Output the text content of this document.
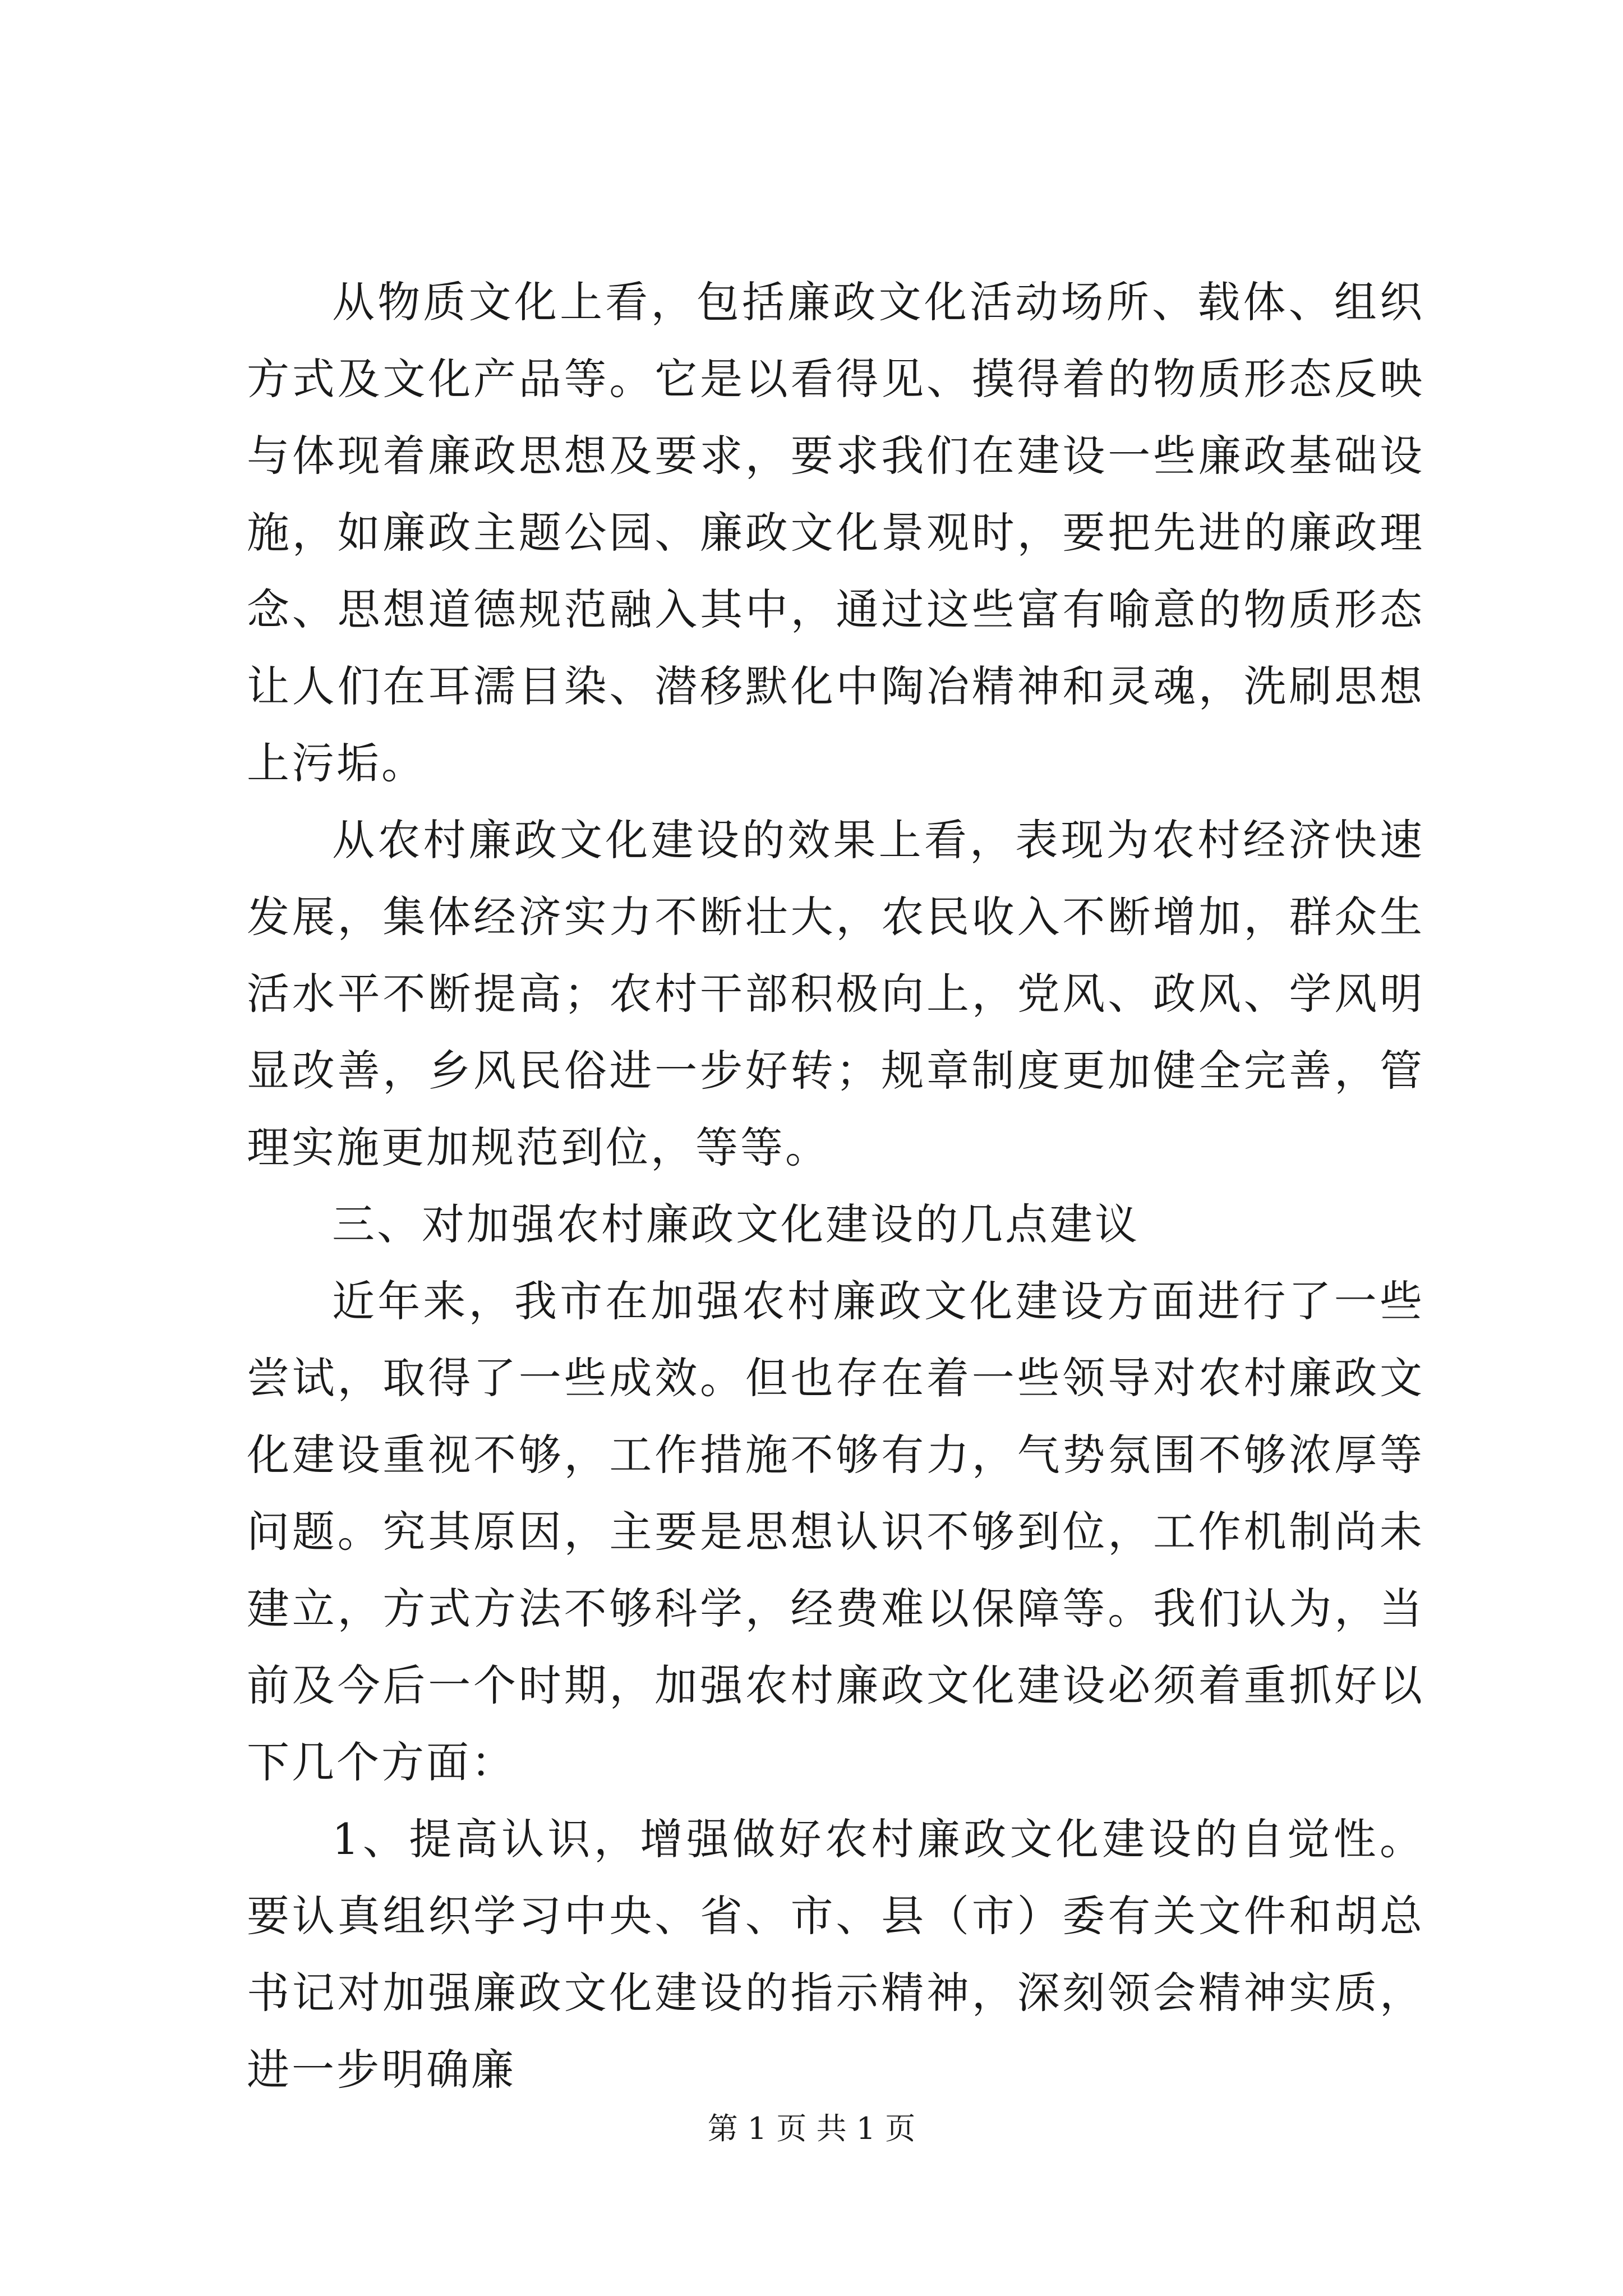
从物质文化上看，包括廉政文化活动场所、载体、组织方式及文化产品等。它是以看得见、摸得着的物质形态反映与体现着廉政思想及要求，要求我们在建设一些廉政基础设施，如廉政主题公园、廉政文化景观时，要把先进的廉政理念、思想道德规范融入其中，通过这些富有喻意的物质形态让人们在耳濡目染、潜移默化中陶冶精神和灵魂，洗刷思想上污垢。

从农村廉政文化建设的效果上看，表现为农村经济快速发展，集体经济实力不断壮大，农民收入不断增加，群众生活水平不断提高；农村干部积极向上，党风、政风、学风明显改善，乡风民俗进一步好转；规章制度更加健全完善，管理实施更加规范到位，等等。

三、对加强农村廉政文化建设的几点建议

近年来，我市在加强农村廉政文化建设方面进行了一些尝试，取得了一些成效。但也存在着一些领导对农村廉政文化建设重视不够，工作措施不够有力，气势氛围不够浓厚等问题。究其原因，主要是思想认识不够到位，工作机制尚未建立，方式方法不够科学，经费难以保障等。我们认为，当前及今后一个时期，加强农村廉政文化建设必须着重抓好以下几个方面：

1、提高认识，增强做好农村廉政文化建设的自觉性。要认真组织学习中央、省、市、县（市）委有关文件和胡总书记对加强廉政文化建设的指示精神，深刻领会精神实质，进一步明确廉

第 1 页 共 1 页
